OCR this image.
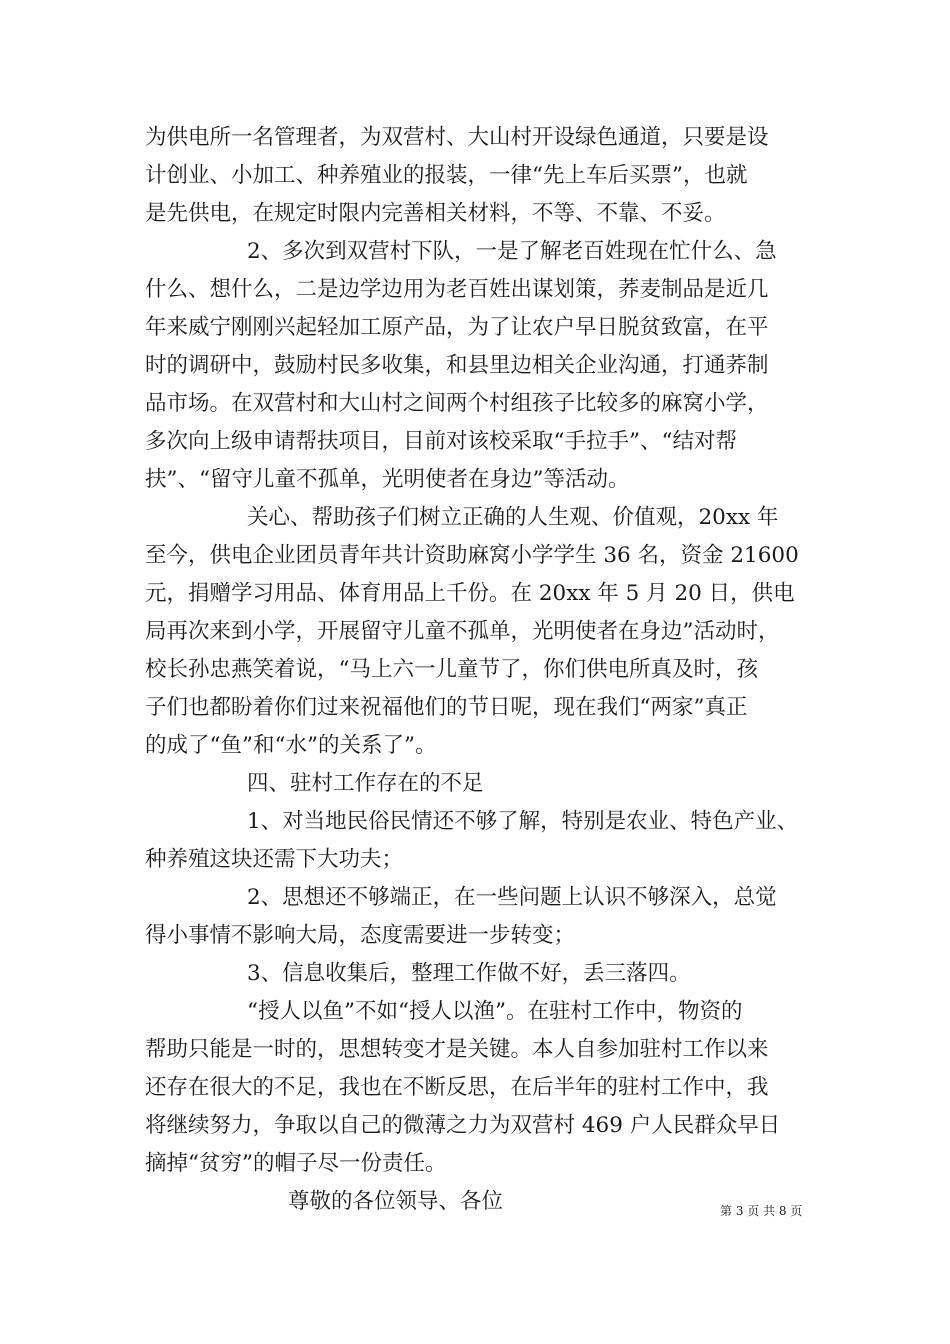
为供电所一名管理者，为双营村、大山村开设绿色通道，只要是设
计创业、小加工、种养殖业的报装，一律“先上车后买票”，也就
是先供电，在规定时限内完善相关材料，不等、不靠、不妥。
2、多次到双营村下队，一是了解老百姓现在忙什么、急
什么、想什么，二是边学边用为老百姓出谋划策，荞麦制品是近几
年来威宁刚刚兴起轻加工原产品，为了让农户早日脱贫致富，在平
时的调研中，鼓励村民多收集，和县里边相关企业沟通，打通荞制
品市场。在双营村和大山村之间两个村组孩子比较多的麻窝小学，
多次向上级申请帮扶项目，目前对该校采取“手拉手”、“结对帮
扶”、“留守儿童不孤单，光明使者在身边”等活动。
关心、帮助孩子们树立正确的人生观、价值观，20xx 年
至今，供电企业团员青年共计资助麻窝小学学生 36 名，资金 21600
元，捐赠学习用品、体育用品上千份。在 20xx 年 5 月 20 日，供电
局再次来到小学，开展留守儿童不孤单，光明使者在身边”活动时，
校长孙忠燕笑着说，“马上六一儿童节了，你们供电所真及时，孩
子们也都盼着你们过来祝福他们的节日呢，现在我们“两家”真正
的成了“鱼”和“水”的关系了”。
四、驻村工作存在的不足
1、对当地民俗民情还不够了解，特别是农业、特色产业、
种养殖这块还需下大功夫；
2、思想还不够端正，在一些问题上认识不够深入，总觉
得小事情不影响大局，态度需要进一步转变；
3、信息收集后，整理工作做不好，丢三落四。
“授人以鱼”不如“授人以渔”。在驻村工作中，物资的
帮助只能是一时的，思想转变才是关键。本人自参加驻村工作以来
还存在很大的不足，我也在不断反思，在后半年的驻村工作中，我
将继续努力，争取以自己的微薄之力为双营村 469 户人民群众早日
摘掉“贫穷”的帽子尽一份责任。
尊敬的各位领导、各位	第 3 页 共 8 页
